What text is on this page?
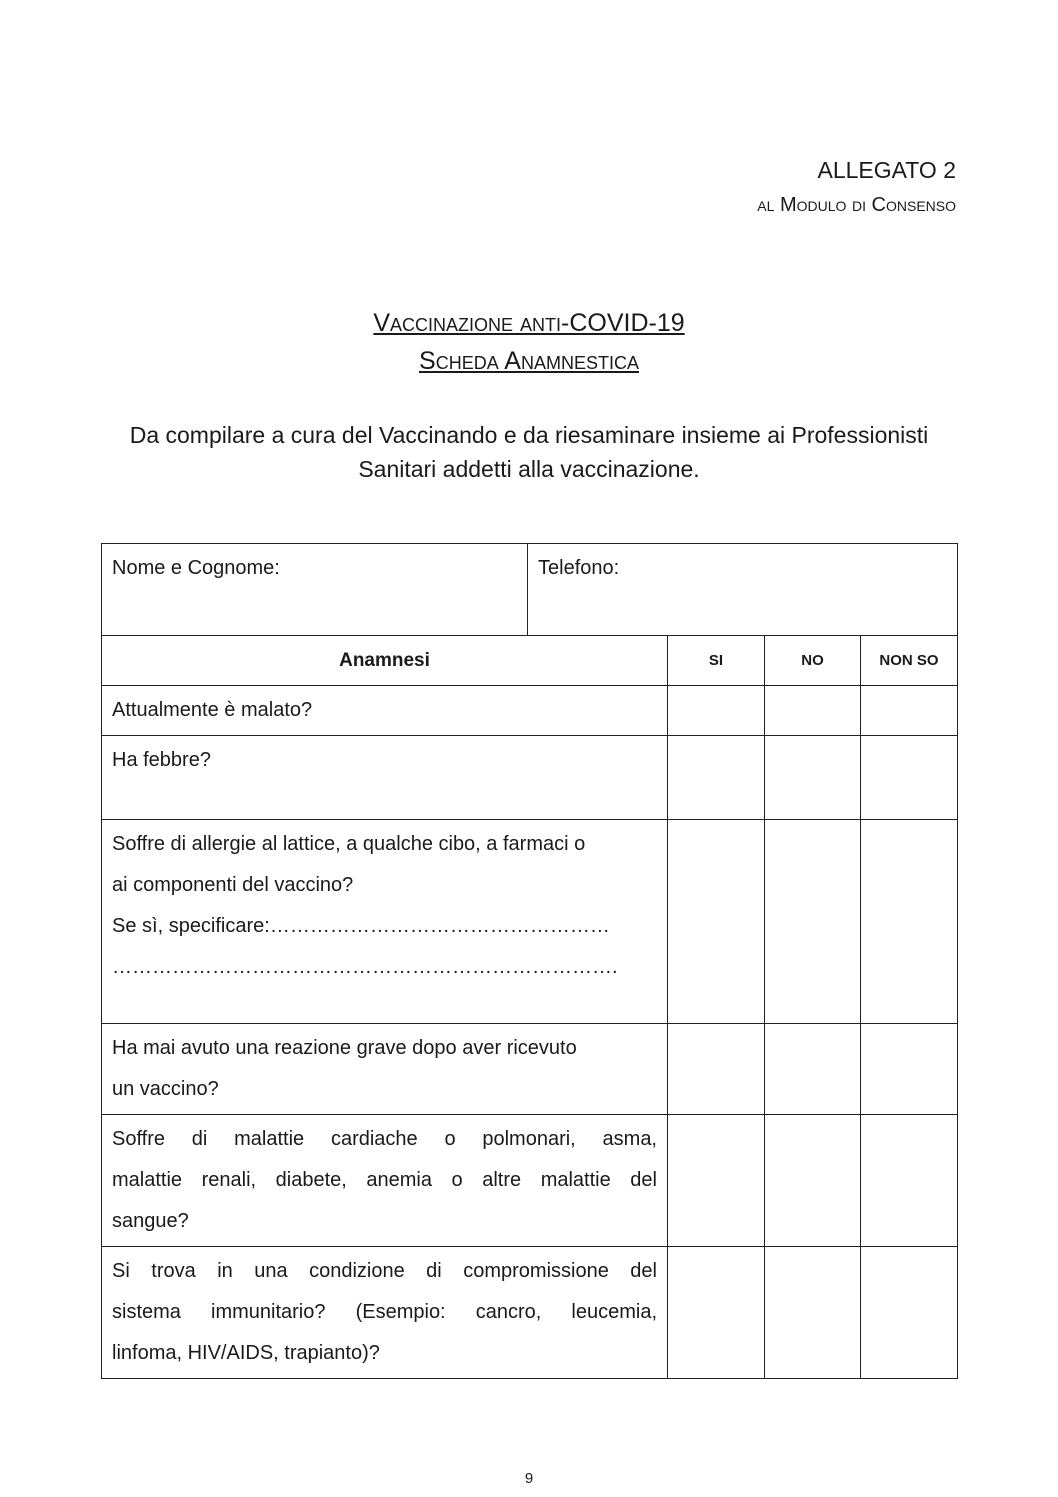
ALLEGATO 2
al Modulo di Consenso
Vaccinazione anti-COVID-19
Scheda Anamnestica
Da compilare a cura del Vaccinando e da riesaminare insieme ai Professionisti Sanitari addetti alla vaccinazione.
Nome e Cognome:	Telefono:			
Anamnesi		SI	NO	NON SO

Attualmente è malato?				

Ha febbre?				

Soffre di allergie al lattice, a qualche cibo, a farmaci o
ai componenti del vaccino?
Se sì, specificare:……………………………………………
………………………………………………………………….				

Ha mai avuto una reazione grave dopo aver ricevuto
un vaccino?				

Soffre di malattie cardiache o polmonari, asma,
malattie renali, diabete, anemia o altre malattie del
sangue?				

Si trova in una condizione di compromissione del
sistema immunitario? (Esempio: cancro, leucemia,
linfoma, HIV/AIDS, trapianto)?				

9
